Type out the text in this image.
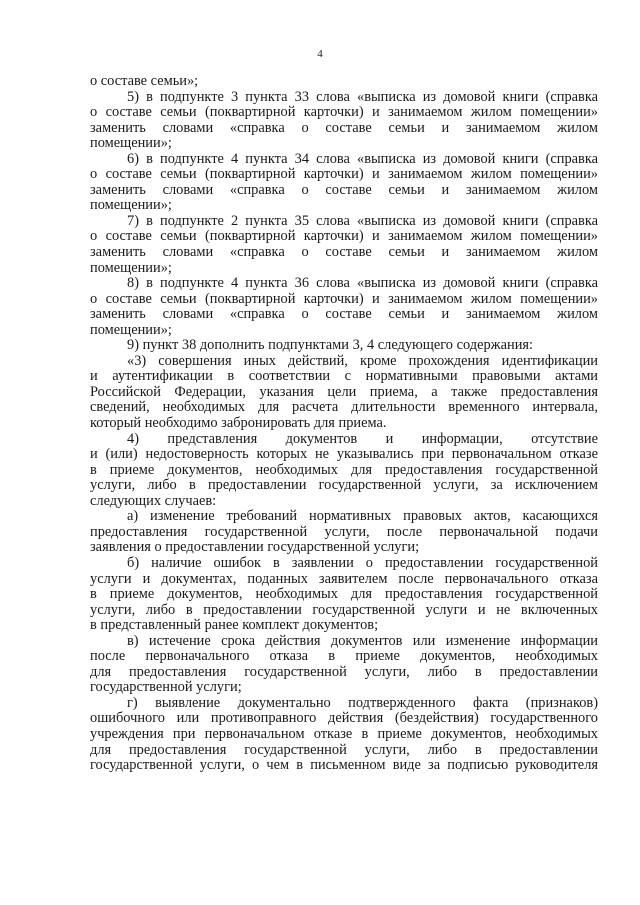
4
о составе семьи»;
5) в подпункте 3 пункта 33 слова «выписка из домовой книги (справка
о составе семьи (поквартирной карточки) и занимаемом жилом помещении»
заменить словами «справка о составе семьи и занимаемом жилом
помещении»;
6) в подпункте 4 пункта 34 слова «выписка из домовой книги (справка
о составе семьи (поквартирной карточки) и занимаемом жилом помещении»
заменить словами «справка о составе семьи и занимаемом жилом
помещении»;
7) в подпункте 2 пункта 35 слова «выписка из домовой книги (справка
о составе семьи (поквартирной карточки) и занимаемом жилом помещении»
заменить словами «справка о составе семьи и занимаемом жилом
помещении»;
8) в подпункте 4 пункта 36 слова «выписка из домовой книги (справка
о составе семьи (поквартирной карточки) и занимаемом жилом помещении»
заменить словами «справка о составе семьи и занимаемом жилом
помещении»;
9) пункт 38 дополнить подпунктами 3, 4 следующего содержания:
«3) совершения иных действий, кроме прохождения идентификации
и аутентификации в соответствии с нормативными правовыми актами
Российской Федерации, указания цели приема, а также предоставления
сведений, необходимых для расчета длительности временного интервала,
который необходимо забронировать для приема.
4) представления документов и информации, отсутствие
и (или) недостоверность которых не указывались при первоначальном отказе
в приеме документов, необходимых для предоставления государственной
услуги, либо в предоставлении государственной услуги, за исключением
следующих случаев:
а) изменение требований нормативных правовых актов, касающихся
предоставления государственной услуги, после первоначальной подачи
заявления о предоставлении государственной услуги;
б) наличие ошибок в заявлении о предоставлении государственной
услуги и документах, поданных заявителем после первоначального отказа
в приеме документов, необходимых для предоставления государственной
услуги, либо в предоставлении государственной услуги и не включенных
в представленный ранее комплект документов;
в) истечение срока действия документов или изменение информации
после первоначального отказа в приеме документов, необходимых
для предоставления государственной услуги, либо в предоставлении
государственной услуги;
г) выявление документально подтвержденного факта (признаков)
ошибочного или противоправного действия (бездействия) государственного
учреждения при первоначальном отказе в приеме документов, необходимых
для предоставления государственной услуги, либо в предоставлении
государственной услуги, о чем в письменном виде за подписью руководителя
